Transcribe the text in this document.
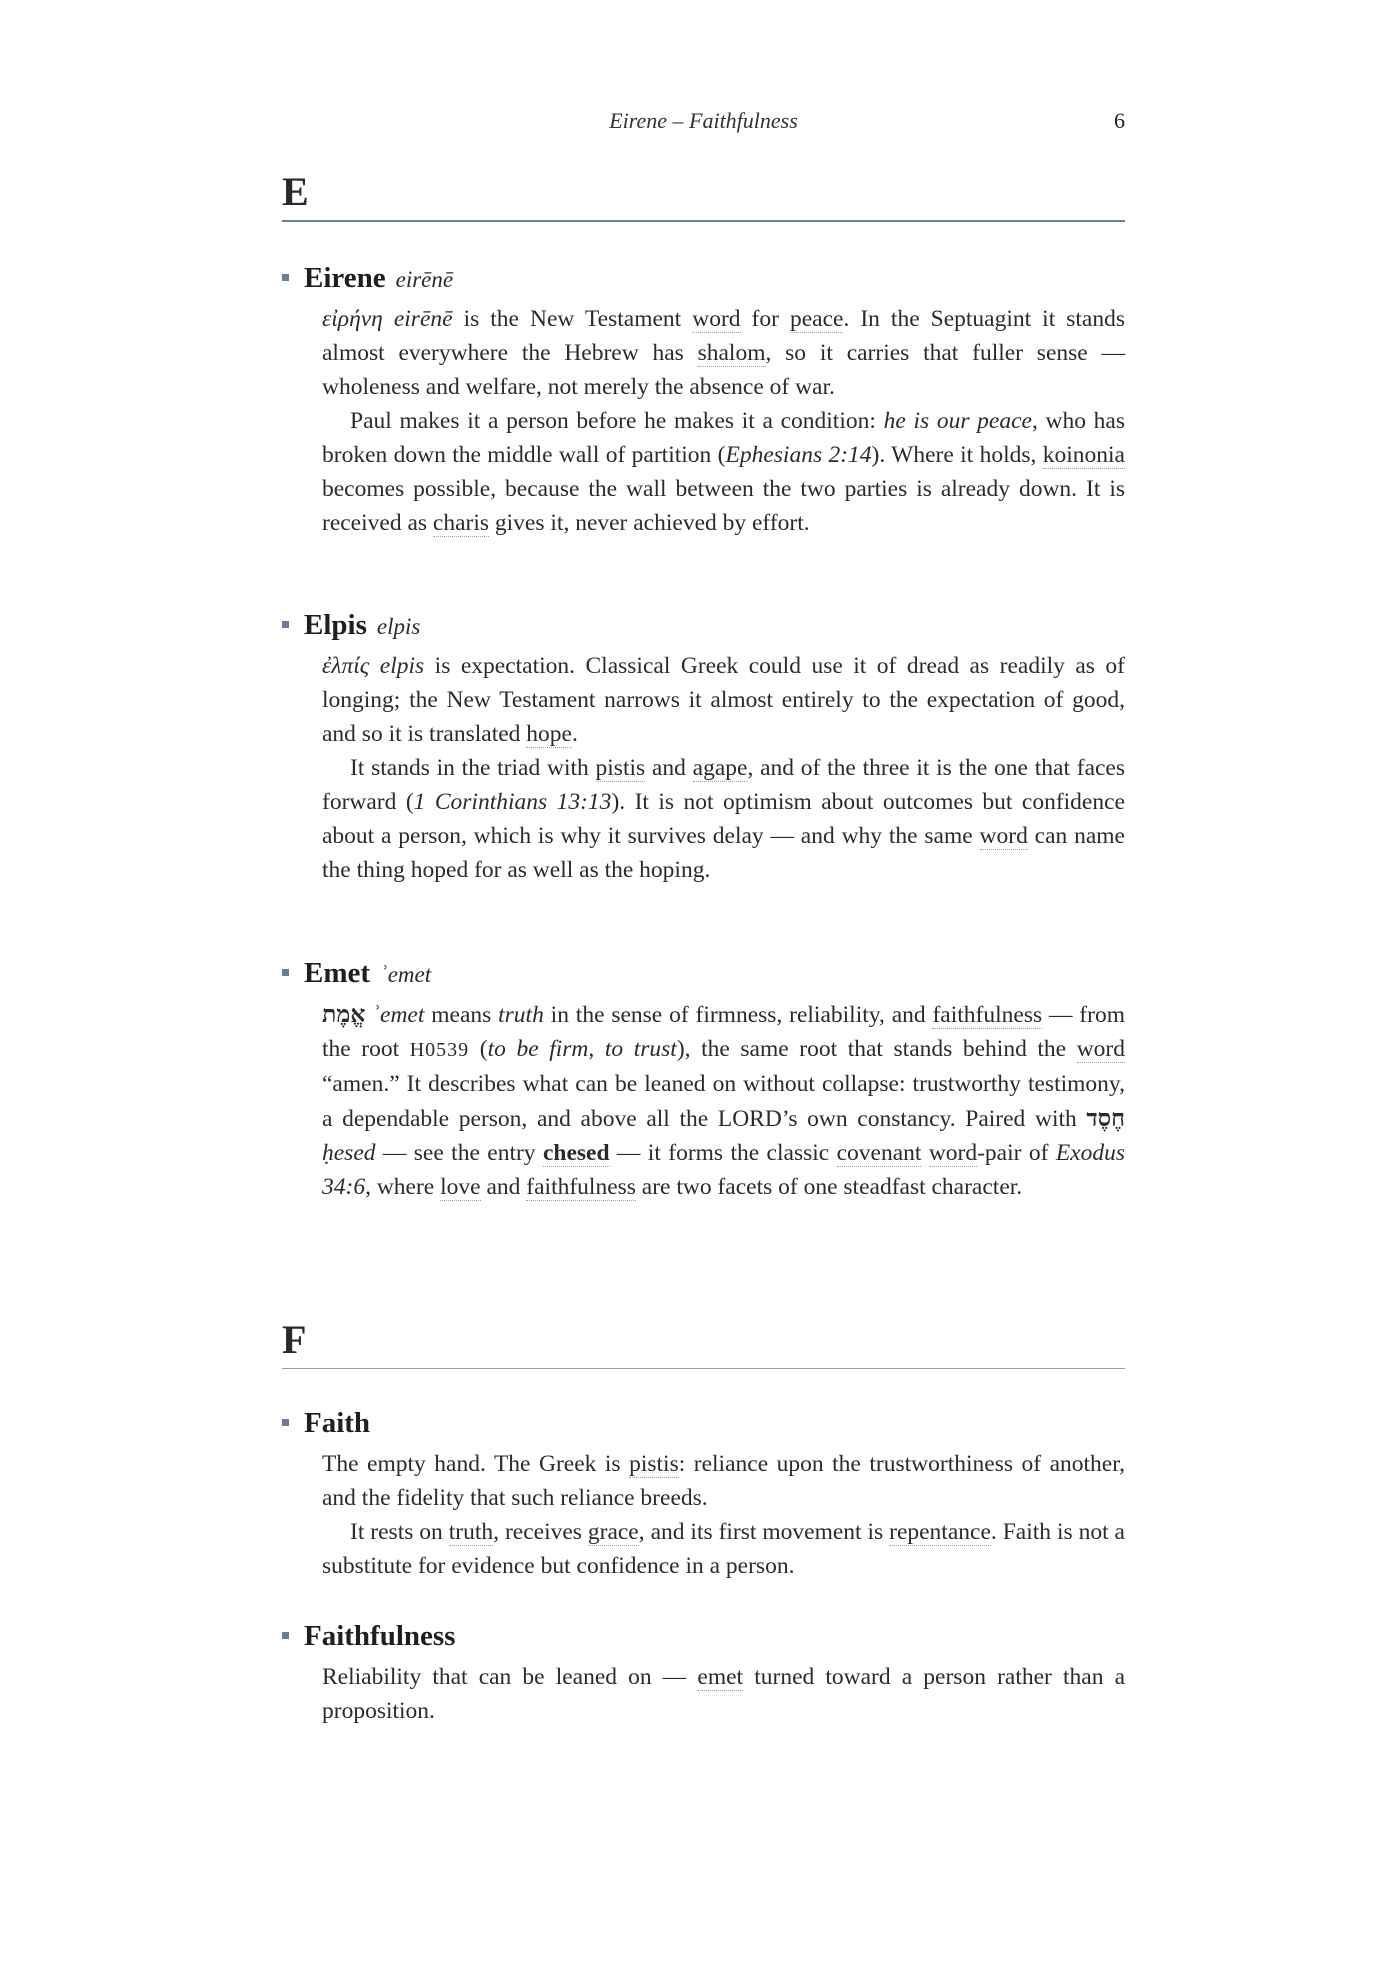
Eirene – Faithfulness	6
E
Eirene eirēnē

εἰρήνη eirēnē is the New Testament word for peace. In the Septuagint it stands almost everywhere the Hebrew has shalom, so it carries that fuller sense — wholeness and welfare, not merely the absence of war.

Paul makes it a person before he makes it a condition: he is our peace, who has broken down the middle wall of partition (Ephesians 2:14). Where it holds, koinonia becomes possible, because the wall between the two parties is already down. It is received as charis gives it, never achieved by effort.

Elpis elpis

ἐλπίς elpis is expectation. Classical Greek could use it of dread as readily as of longing; the New Testament narrows it almost entirely to the expectation of good, and so it is translated hope.

It stands in the triad with pistis and agape, and of the three it is the one that faces forward (1 Corinthians 13:13). It is not optimism about outcomes but confidence about a person, which is why it survives delay — and why the same word can name the thing hoped for as well as the hoping.

Emet ʾemet

אֱמֶת ʾemet means truth in the sense of firmness, reliability, and faithfulness — from the root H0539 (to be firm, to trust), the same root that stands behind the word “amen.” It describes what can be leaned on without collapse: trustworthy testimony, a dependable person, and above all the LORD’s own constancy. Paired with חֶסֶד ḥesed — see the entry chesed — it forms the classic covenant word-pair of Exodus 34:6, where love and faithfulness are two facets of one steadfast character.

F
Faith

The empty hand. The Greek is pistis: reliance upon the trustworthiness of another, and the fidelity that such reliance breeds.

It rests on truth, receives grace, and its first movement is repentance. Faith is not a substitute for evidence but confidence in a person.

Faithfulness

Reliability that can be leaned on — emet turned toward a person rather than a proposition.
